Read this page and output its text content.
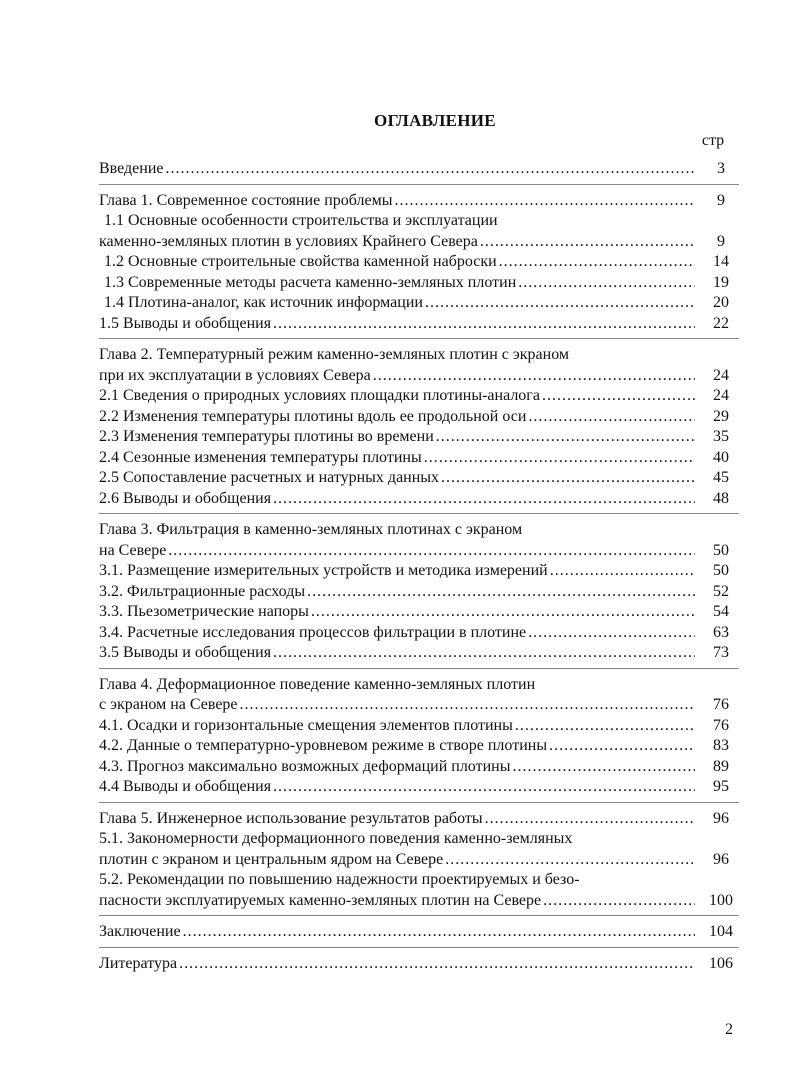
ОГЛАВЛЕНИЕ
стр
Введение .....	3
Глава 1. Современное состояние проблемы .....	9
1.1 Основные особенности строительства и эксплуатации
каменно-земляных плотин в условиях Крайнего Севера .....	9
1.2 Основные строительные свойства каменной наброски .....	14
1.3 Современные методы расчета каменно-земляных плотин .....	19
1.4 Плотина-аналог, как источник информации .....	20
1.5 Выводы и обобщения .....	22
Глава 2. Температурный режим каменно-земляных плотин с экраном
при их эксплуатации в условиях Севера .....	24
2.1 Сведения о природных условиях площадки плотины-аналога .....	24
2.2 Изменения температуры плотины вдоль ее продольной оси .....	29
2.3 Изменения температуры плотины во времени .....	35
2.4 Сезонные изменения температуры плотины .....	40
2.5 Сопоставление расчетных и натурных данных .....	45
2.6 Выводы и обобщения .....	48
Глава 3. Фильтрация в каменно-земляных плотинах с экраном
на Севере .....	50
3.1. Размещение измерительных устройств и методика измерений .....	50
3.2. Фильтрационные расходы .....	52
3.3. Пьезометрические напоры .....	54
3.4. Расчетные исследования процессов фильтрации в плотине .....	63
3.5 Выводы и обобщения .....	73
Глава 4. Деформационное поведение каменно-земляных плотин
с экраном на Севере .....	76
4.1. Осадки и горизонтальные смещения элементов плотины .....	76
4.2. Данные о температурно-уровневом режиме в створе плотины .....	83
4.3. Прогноз максимально возможных деформаций плотины .....	89
4.4 Выводы и обобщения .....	95
Глава 5. Инженерное использование результатов работы .....	96
5.1. Закономерности деформационного поведения каменно-земляных
плотин с экраном и центральным ядром на Севере .....	96
5.2. Рекомендации по повышению надежности проектируемых и безо-
пасности эксплуатируемых каменно-земляных плотин на Севере .....	100
Заключение .....	104
Литература .....	106
2
